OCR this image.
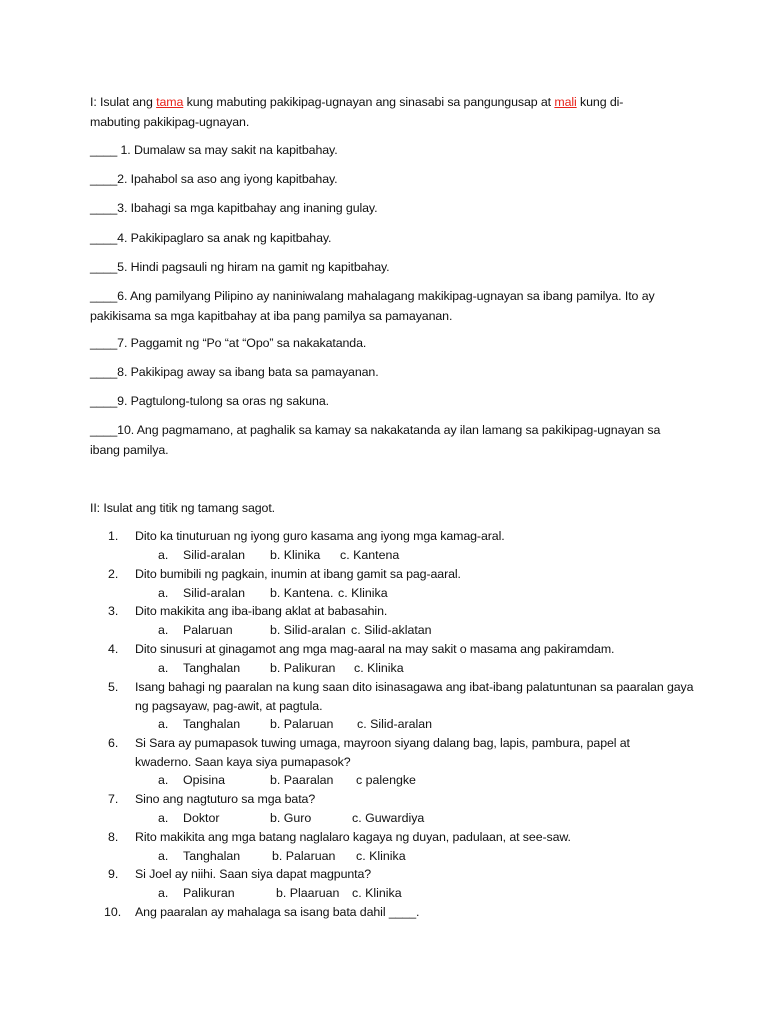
I: Isulat ang tama kung mabuting pakikipag-ugnayan ang sinasabi sa pangungusap at mali kung di-mabuting pakikipag-ugnayan.
____ 1. Dumalaw sa may sakit na kapitbahay.
____2. Ipahabol sa aso ang iyong kapitbahay.
____3. Ibahagi sa mga kapitbahay ang inaning gulay.
____4. Pakikipaglaro sa anak ng kapitbahay.
____5. Hindi pagsauli ng hiram na gamit ng kapitbahay.
____6. Ang pamilyang Pilipino ay naniniwalang mahalagang makikipag-ugnayan sa ibang pamilya. Ito ay pakikisama sa mga kapitbahay at iba pang pamilya sa pamayanan.
____7. Paggamit ng “Po “at “Opo” sa nakakatanda.
____8. Pakikipag away sa ibang bata sa pamayanan.
____9. Pagtulong-tulong sa oras ng sakuna.
____10. Ang pagmamano, at paghalik sa kamay sa nakakatanda ay ilan lamang sa pakikipag-ugnayan sa ibang pamilya.
II: Isulat ang titik ng tamang sagot.
1.	Dito ka tinuturuan ng iyong guro kasama ang iyong mga kamag-aral.
a. Silid-aralan b. Klinika c. Kantena
2.	Dito bumibili ng pagkain, inumin at ibang gamit sa pag-aaral.
a. Silid-aralan b. Kantena. c. Klinika
3.	Dito makikita ang iba-ibang aklat at babasahin.
a. Palaruan	b. Silid-aralan c. Silid-aklatan
4.	Dito sinusuri at ginagamot ang mga mag-aaral na may sakit o masama ang pakiramdam.
a. Tanghalan b. Palikuran c. Klinika
5.	Isang bahagi ng paaralan na kung saan dito isinasagawa ang ibat-ibang palatuntunan sa paaralan gaya ng pagsayaw, pag-awit, at pagtula.
a. Tanghalan b. Palaruan c. Silid-aralan
6.	Si Sara ay pumapasok tuwing umaga, mayroon siyang dalang bag, lapis, pambura, papel at kwaderno. Saan kaya siya pumapasok?
a. Opisina	b. Paaralan c palengke
7.	Sino ang nagtuturo sa mga bata?
a. Doktor	b. Guro	c. Guwardiya
8.	Rito makikita ang mga batang naglalaro kagaya ng duyan, padulaan, at see-saw.
a. Tanghalan	b. Palaruan c. Klinika
9.	Si Joel ay niihi. Saan siya dapat magpunta?
a. Palikuran	b. Plaaruan c. Klinika
10.	Ang paaralan ay mahalaga sa isang bata dahil ____.
